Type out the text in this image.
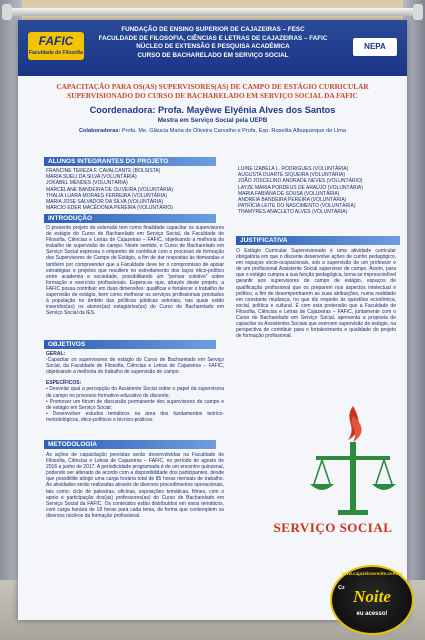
FAFIC
Faculdade de Filosofia
FUNDAÇÃO DE ENSINO SUPERIOR DE CAJAZEIRAS – FESC
FACULDADE DE FILOSOFIA, CIÊNCIAS E LETRAS DE CAJAZEIRAS – FAFIC
NÚCLEO DE EXTENSÃO E PESQUISA ACADÊMICA
CURSO DE BACHARELADO EM SERVIÇO SOCIAL
NEPA
CAPACITAÇÃO PARA OS(AS) SUPERVISORES(AS) DE CAMPO DE ESTÁGIO CURRICULAR SUPERVISIONADO DO CURSO DE BACHARELADO EM SERVIÇO SOCIAL DA FAFIC
Coordenadora: Profa. Mayêwe Elyênia Alves dos Santos
Mestra em Serviço Social pela UEPB
Colaboradoras: Profa. Me. Gláucia Maria de Oliveira Carvalho e Profa. Esp. Roselita Albuquerque de Lima
ALUNOS INTEGRANTES DO PROJETO
FRANCINE TEREZA F. CAVALCANTE (BOLSISTA)
MARIA SUELI DA SILVA (VOLUNTÁRIA)
JOKABEL MENDES (VOLUNTÁRIA)
MARCELANE BANDEIRA DE OLIVEIRA (VOLUNTÁRIA)
THALIA LUARA MORAES FERREIRA (VOLUNTÁRIA)
MARIA JOSE SALVADOR DA SILVA (VOLUNTÁRIA)
MÁRCIO EDER MACÊDONIA PEREIRA (VOLUNTÁRIO)
LUINE IZABELA L. RODRIGUES (VOLUNTÁRIA)
AUGUSTA DUARTE SIQUEIRA (VOLUNTÁRIA)
JOÃO JOSCELINO ANDRADE NEVES (VOLUNTÁRIO)
LAYZE MARIA PORDEUS DE ARAÚJO (VOLUNTÁRIA)
MARIA FABIANA DE SOUSA (VOLUNTÁRIA)
ANDREIA BANDEIRA PEREIRA (VOLUNTÁRIA)
PATRÍCIA LEITE DO NASCIMENTO (VOLUNTÁRIA)
THAMYRES ANACLETO ALVES (VOLUNTÁRIA)
INTRODUÇÃO
O presente projeto de extensão tem como finalidade capacitar os supervisores de estágio do Curso de Bacharelado em Serviço Social, da Faculdade de Filosofia, Ciências e Letras de Cajazeiras – FAFIC, objetivando a melhoria do trabalho de supervisão de campo. Neste sentido, o Curso de Bacharelado em Serviço Social expressa o empenho de contribuir com o processo de formação dos Supervisores de Campo de Estágio, a fim de dar respostas às demandas e também por compreender que a Faculdade deve ter o compromisso de apoiar estratégias e projetos que resultem no estreitamento dos laços ético-político entre academia e sociedade, possibilitando um "pensar coletivo" sobre formação e exercício profissionais. Espera-se que, através deste projeto, a FAFIC possa contribuir em duas dimensões: qualificar e fortalecer o trabalho de supervisão de estágio, bem como melhorar os serviços profissionais prestados à população no âmbito das políticas públicas setoriais, nas quais estão inseridos(as) os alunos(as) estagiários(as) do Curso de Bacharelado em Serviço Social da IES.
JUSTIFICATIVA
O Estágio Curricular Supervisionado é uma atividade curricular obrigatória em que o discente desenvolve ações de cunho pedagógico, em espaços sócio-ocupacionais, sob a supervisão de um professor e de um profissional Assistente Social supervisor de campo. Assim, para que o estágio cumpra a sua função pedagógica, torna-se imprescindível garantir aos supervisores de campo de estágio, espaços de qualificação profissional que os preparem nos aspectos intelectual e político, a fim de desempenharem as suas atribuições, numa realidade em constante mudança, no que diz respeito às questões econômica, social, política e cultural. É com esta pretensão que a Faculdade de Filosofia, Ciências e Letras de Cajazeiras – FAFIC, juntamente com o Curso de Bacharelado em Serviço Social, apresenta a proposta de capacitar os Assistentes Sociais que exercem supervisão de estágio, na perspectiva de contribuir para o fortalecimento e qualidade do projeto de formação profissional.
OBJETIVOS
GERAL:
-Capacitar os supervisores de estágio do Curso de Bacharelado em Serviço Social, da Faculdade de Filosofia, Ciências e Letras de Cajazeiras – FAFIC, objetivando a melhoria do trabalho de supervisão de campo.
ESPECÍFICOS:
• Desvelar qual a percepção do Assistente Social sobre o papel da supervisora de campo no processo formativo-educativo do discente;
• Promover um fórum de discussão permanente dos supervisores de campo e de estágio em Serviço Social;
• Desenvolver estudos temáticos na área dos fundamentos teórico-metodológicos, ético-políticos e técnico-práticos.
METODOLOGIA
As ações de capacitação previstas serão desenvolvidas na Faculdade de Filosofia, Ciências e Letras de Cajazeiras – FAFIC, no período de agosto de 2016 a junho de 2017. A periodicidade programada é de um encontro quinzenal, podendo ser alterado de acordo com a disponibilidade dos participantes, desde que possibilite atingir uma carga horária total de 85 horas mensais de trabalho. As atividades serão realizadas através de diversos procedimentos operacionais, tais como: ciclo de palestras, oficinas, exposições temáticas, filmes, com o apoio e participação dos(as) professores(as) do Curso de Bacharelado em Serviço Social da FAFIC. Os conteúdos estão distribuídos em eixos temáticos, com carga horária de 18 horas para cada tema, de forma que contemplem os diversos núcleos da formação profissional.
SERVIÇO SOCIAL
www.cajazeirasnoite.com.br
Cz Noite
eu acesso!
